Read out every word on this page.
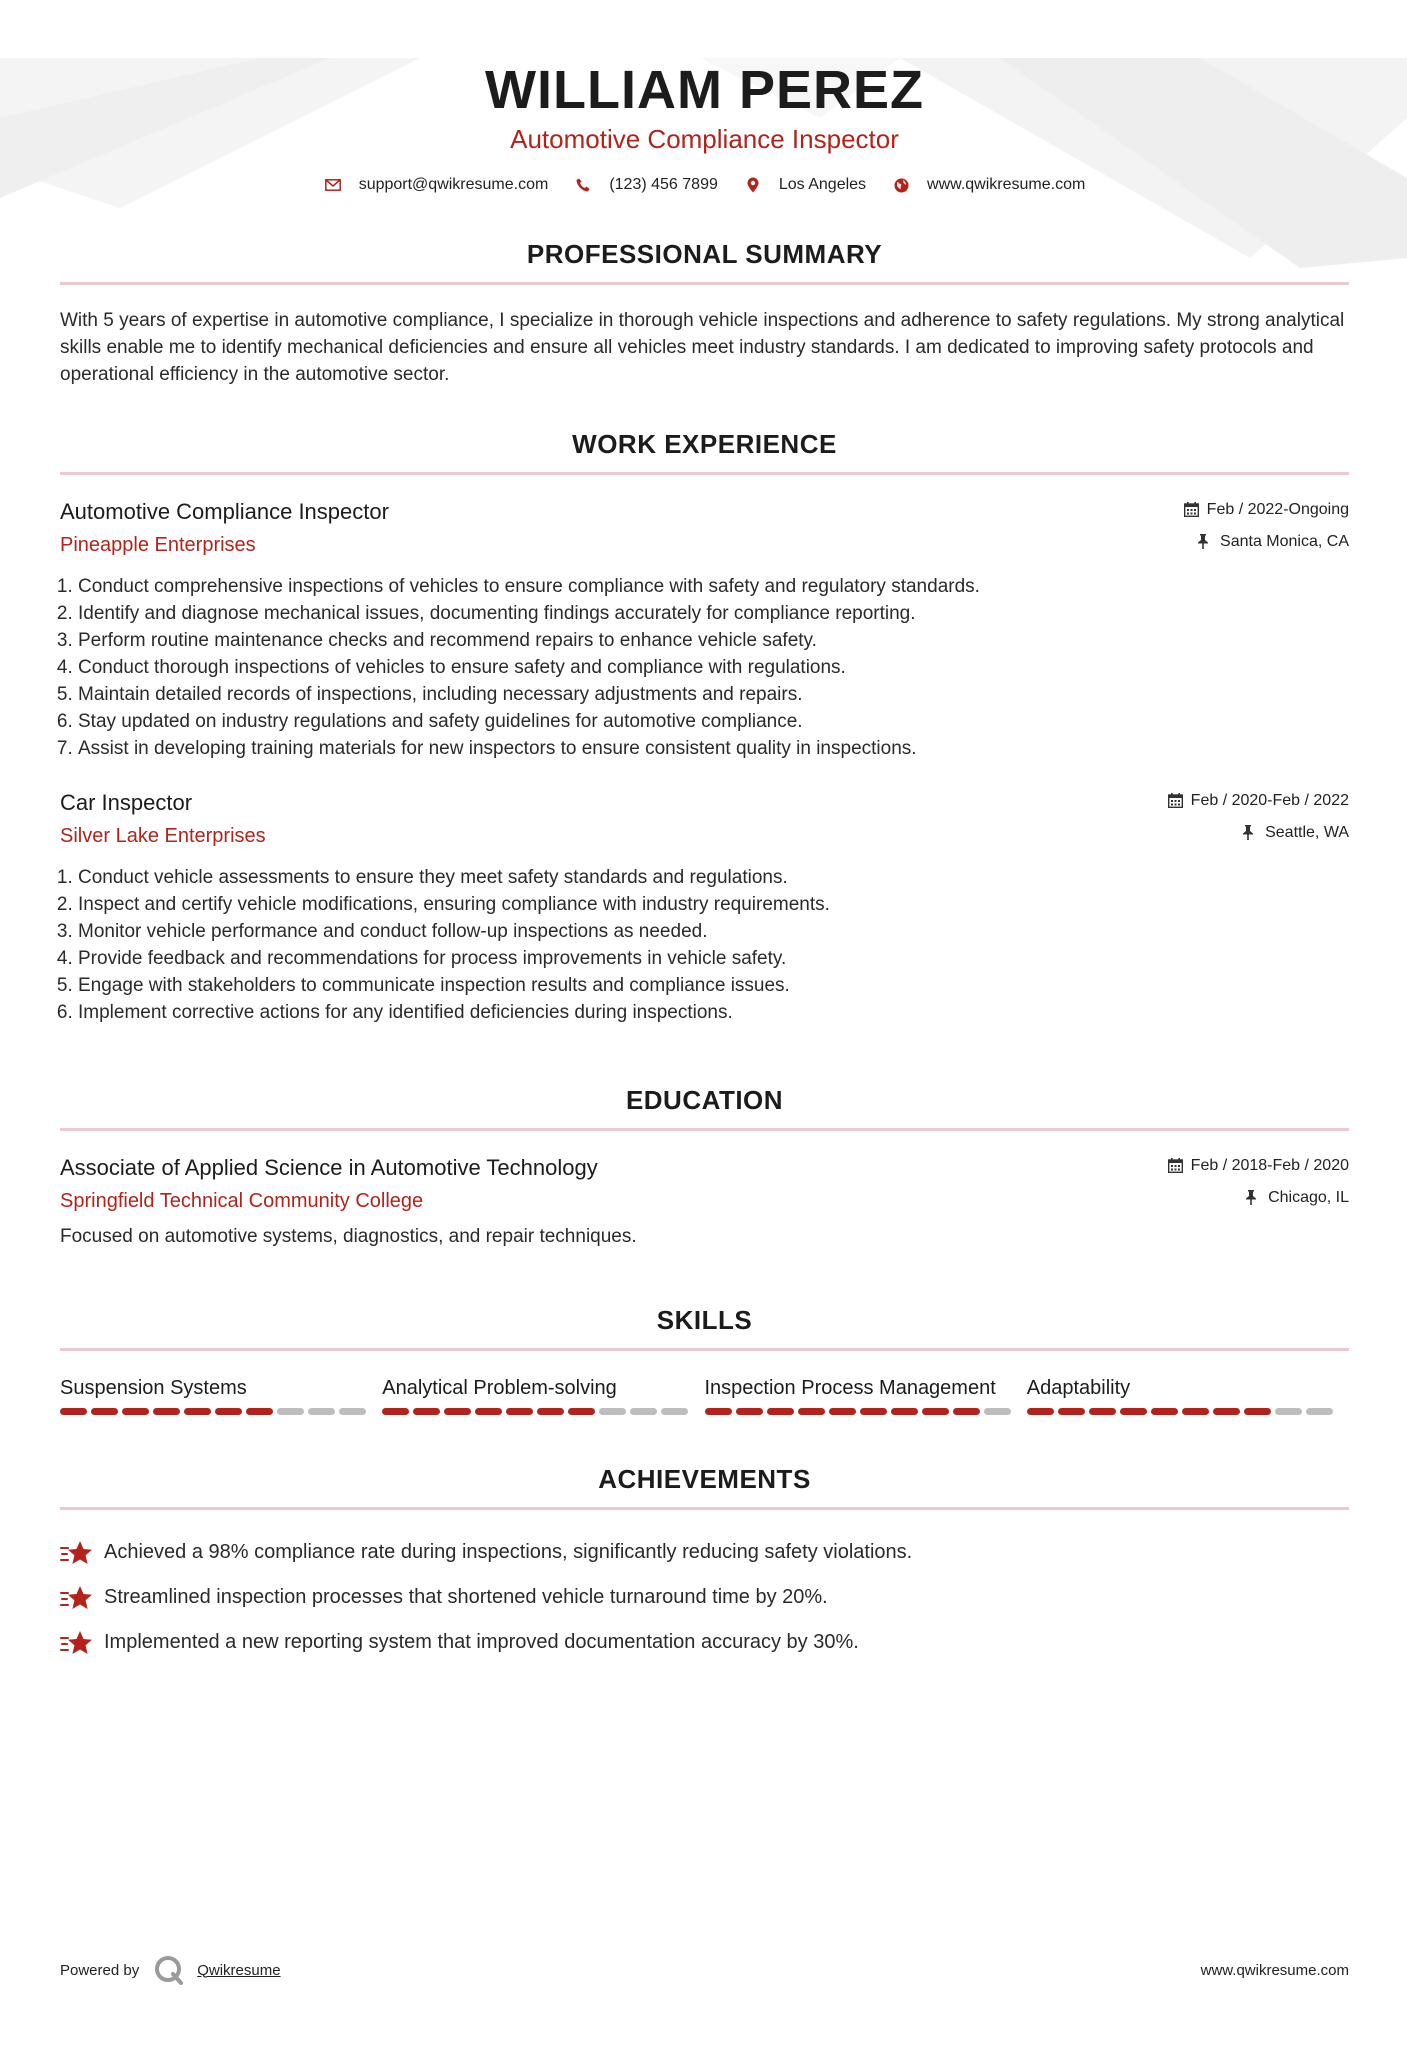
WILLIAM PEREZ
Automotive Compliance Inspector
support@qwikresume.com	(123) 456 7899	Los Angeles	www.qwikresume.com
PROFESSIONAL SUMMARY
With 5 years of expertise in automotive compliance, I specialize in thorough vehicle inspections and adherence to safety regulations. My strong analytical skills enable me to identify mechanical deficiencies and ensure all vehicles meet industry standards. I am dedicated to improving safety protocols and operational efficiency in the automotive sector.
WORK EXPERIENCE
Automotive Compliance Inspector
Pineapple Enterprises
Feb / 2022-Ongoing
Santa Monica, CA
1. Conduct comprehensive inspections of vehicles to ensure compliance with safety and regulatory standards.
2. Identify and diagnose mechanical issues, documenting findings accurately for compliance reporting.
3. Perform routine maintenance checks and recommend repairs to enhance vehicle safety.
4. Conduct thorough inspections of vehicles to ensure safety and compliance with regulations.
5. Maintain detailed records of inspections, including necessary adjustments and repairs.
6. Stay updated on industry regulations and safety guidelines for automotive compliance.
7. Assist in developing training materials for new inspectors to ensure consistent quality in inspections.
Car Inspector
Silver Lake Enterprises
Feb / 2020-Feb / 2022
Seattle, WA
1. Conduct vehicle assessments to ensure they meet safety standards and regulations.
2. Inspect and certify vehicle modifications, ensuring compliance with industry requirements.
3. Monitor vehicle performance and conduct follow-up inspections as needed.
4. Provide feedback and recommendations for process improvements in vehicle safety.
5. Engage with stakeholders to communicate inspection results and compliance issues.
6. Implement corrective actions for any identified deficiencies during inspections.
EDUCATION
Associate of Applied Science in Automotive Technology
Springfield Technical Community College
Feb / 2018-Feb / 2020
Chicago, IL
Focused on automotive systems, diagnostics, and repair techniques.
SKILLS
Suspension Systems	Analytical Problem-solving	Inspection Process Management	Adaptability
ACHIEVEMENTS
Achieved a 98% compliance rate during inspections, significantly reducing safety violations.
Streamlined inspection processes that shortened vehicle turnaround time by 20%.
Implemented a new reporting system that improved documentation accuracy by 30%.
Powered by	Qwikresume	www.qwikresume.com
